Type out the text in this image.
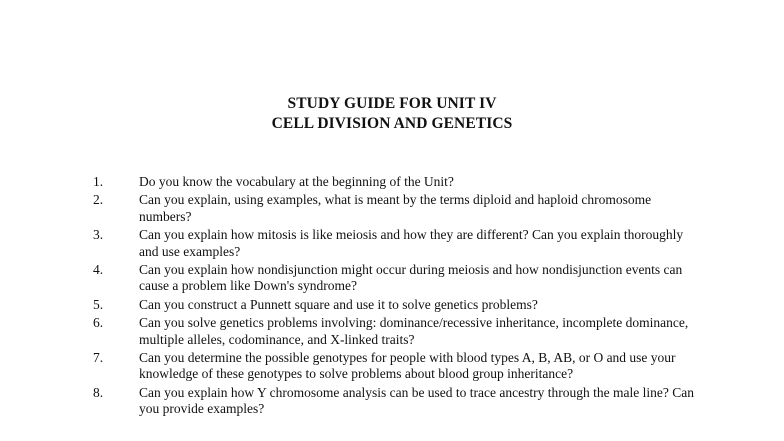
STUDY GUIDE FOR UNIT IV
CELL DIVISION AND GENETICS
1.	Do you know the vocabulary at the beginning of the Unit?
2.	Can you explain, using examples, what is meant by the terms diploid and haploid chromosome numbers?
3.	Can you explain how mitosis is like meiosis and how they are different? Can you explain thoroughly and use examples?
4.	Can you explain how nondisjunction might occur during meiosis and how nondisjunction events can cause a problem like Down's syndrome?
5.	Can you construct a Punnett square and use it to solve genetics problems?
6.	Can you solve genetics problems involving: dominance/recessive inheritance, incomplete dominance, multiple alleles, codominance, and X-linked traits?
7.	Can you determine the possible genotypes for people with blood types A, B, AB, or O and use your knowledge of these genotypes to solve problems about blood group inheritance?
8.	Can you explain how Y chromosome analysis can be used to trace ancestry through the male line? Can you provide examples?
